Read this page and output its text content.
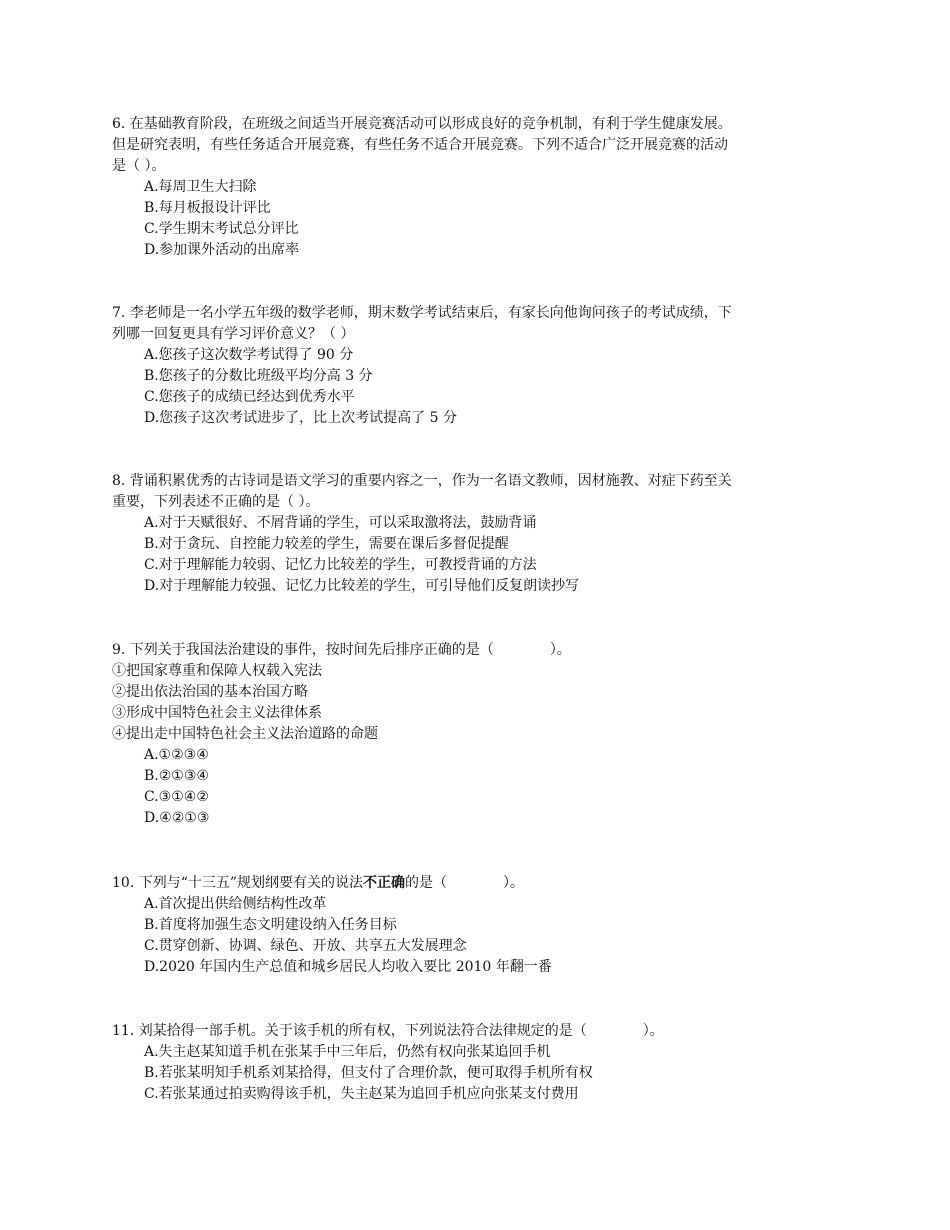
6. 在基础教育阶段，在班级之间适当开展竞赛活动可以形成良好的竞争机制，有利于学生健康发展。
但是研究表明，有些任务适合开展竞赛，有些任务不适合开展竞赛。下列不适合广泛开展竞赛的活动
是（ ）。
A.每周卫生大扫除
B.每月板报设计评比
C.学生期末考试总分评比
D.参加课外活动的出席率
7. 李老师是一名小学五年级的数学老师，期末数学考试结束后，有家长向他询问孩子的考试成绩，下
列哪一回复更具有学习评价意义？（ ）
A.您孩子这次数学考试得了 90 分
B.您孩子的分数比班级平均分高 3 分
C.您孩子的成绩已经达到优秀水平
D.您孩子这次考试进步了，比上次考试提高了 5 分
8. 背诵积累优秀的古诗词是语文学习的重要内容之一，作为一名语文教师，因材施教、对症下药至关
重要，下列表述不正确的是（ ）。
A.对于天赋很好、不屑背诵的学生，可以采取激将法，鼓励背诵
B.对于贪玩、自控能力较差的学生，需要在课后多督促提醒
C.对于理解能力较弱、记忆力比较差的学生，可教授背诵的方法
D.对于理解能力较强、记忆力比较差的学生，可引导他们反复朗读抄写
9. 下列关于我国法治建设的事件，按时间先后排序正确的是（	）。
①把国家尊重和保障人权载入宪法
②提出依法治国的基本治国方略
③形成中国特色社会主义法律体系
④提出走中国特色社会主义法治道路的命题
A.①②③④
B.②①③④
C.③①④②
D.④②①③
10. 下列与“十三五”规划纲要有关的说法不正确的是（	）。
A.首次提出供给侧结构性改革
B.首度将加强生态文明建设纳入任务目标
C.贯穿创新、协调、绿色、开放、共享五大发展理念
D.2020 年国内生产总值和城乡居民人均收入要比 2010 年翻一番
11. 刘某拾得一部手机。关于该手机的所有权，下列说法符合法律规定的是（	）。
A.失主赵某知道手机在张某手中三年后，仍然有权向张某追回手机
B.若张某明知手机系刘某拾得，但支付了合理价款，便可取得手机所有权
C.若张某通过拍卖购得该手机，失主赵某为追回手机应向张某支付费用
